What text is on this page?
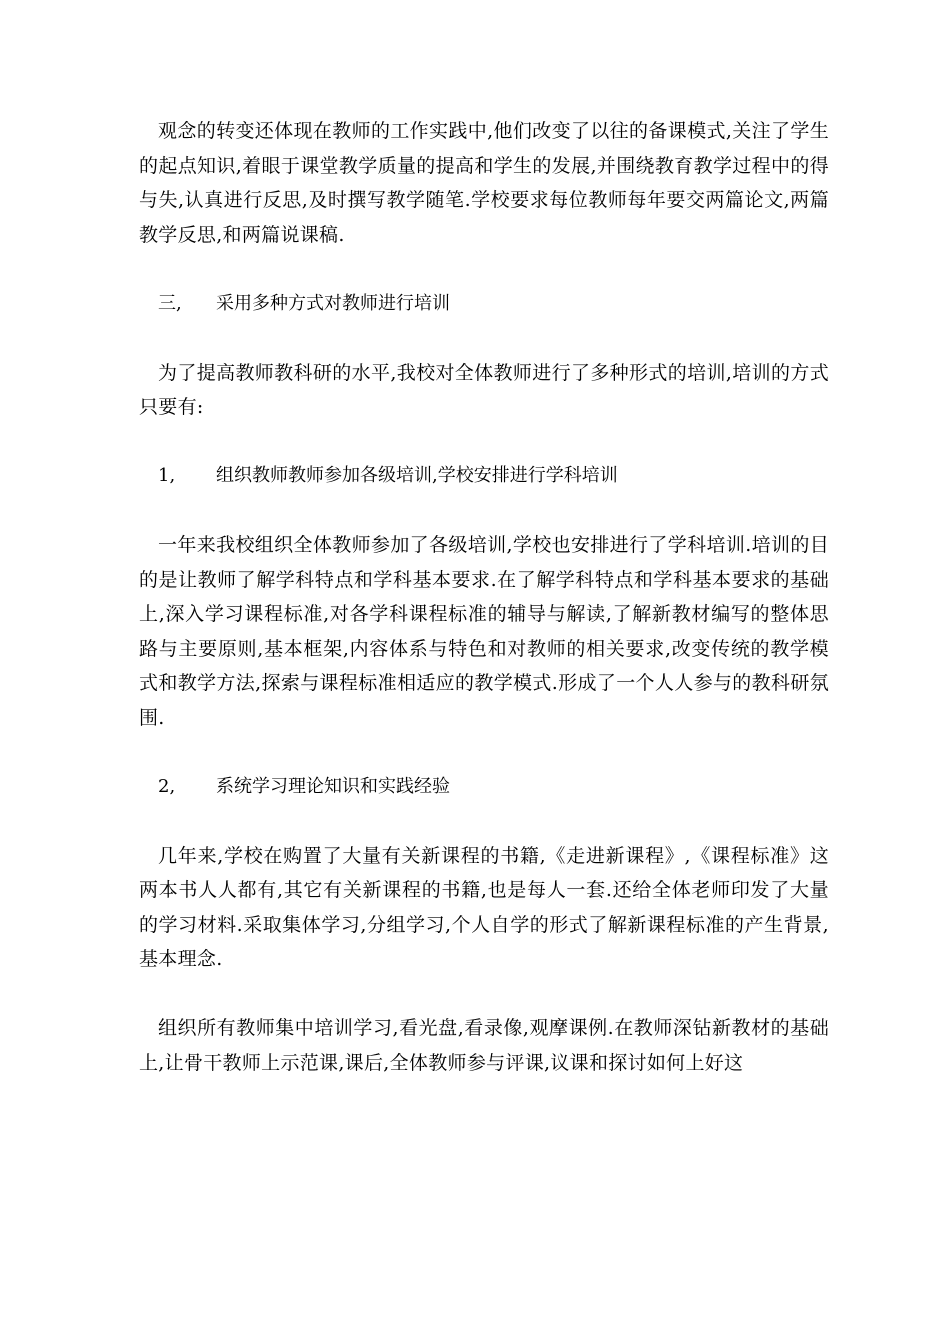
观念的转变还体现在教师的工作实践中,他们改变了以往的备课模式,关注了学生的起点知识,着眼于课堂教学质量的提高和学生的发展,并围绕教育教学过程中的得与失,认真进行反思,及时撰写教学随笔.学校要求每位教师每年要交两篇论文,两篇教学反思,和两篇说课稿.

三,	采用多种方式对教师进行培训

为了提高教师教科研的水平,我校对全体教师进行了多种形式的培训,培训的方式只要有:

1,	组织教师教师参加各级培训,学校安排进行学科培训

一年来我校组织全体教师参加了各级培训,学校也安排进行了学科培训.培训的目的是让教师了解学科特点和学科基本要求.在了解学科特点和学科基本要求的基础上,深入学习课程标准,对各学科课程标准的辅导与解读,了解新教材编写的整体思路与主要原则,基本框架,内容体系与特色和对教师的相关要求,改变传统的教学模式和教学方法,探索与课程标准相适应的教学模式.形成了一个人人参与的教科研氛围.

2,	系统学习理论知识和实践经验

几年来,学校在购置了大量有关新课程的书籍,《走进新课程》,《课程标准》这两本书人人都有,其它有关新课程的书籍,也是每人一套.还给全体老师印发了大量的学习材料.采取集体学习,分组学习,个人自学的形式了解新课程标准的产生背景,基本理念.

组织所有教师集中培训学习,看光盘,看录像,观摩课例.在教师深钻新教材的基础上,让骨干教师上示范课,课后,全体教师参与评课,议课和探讨如何上好这
